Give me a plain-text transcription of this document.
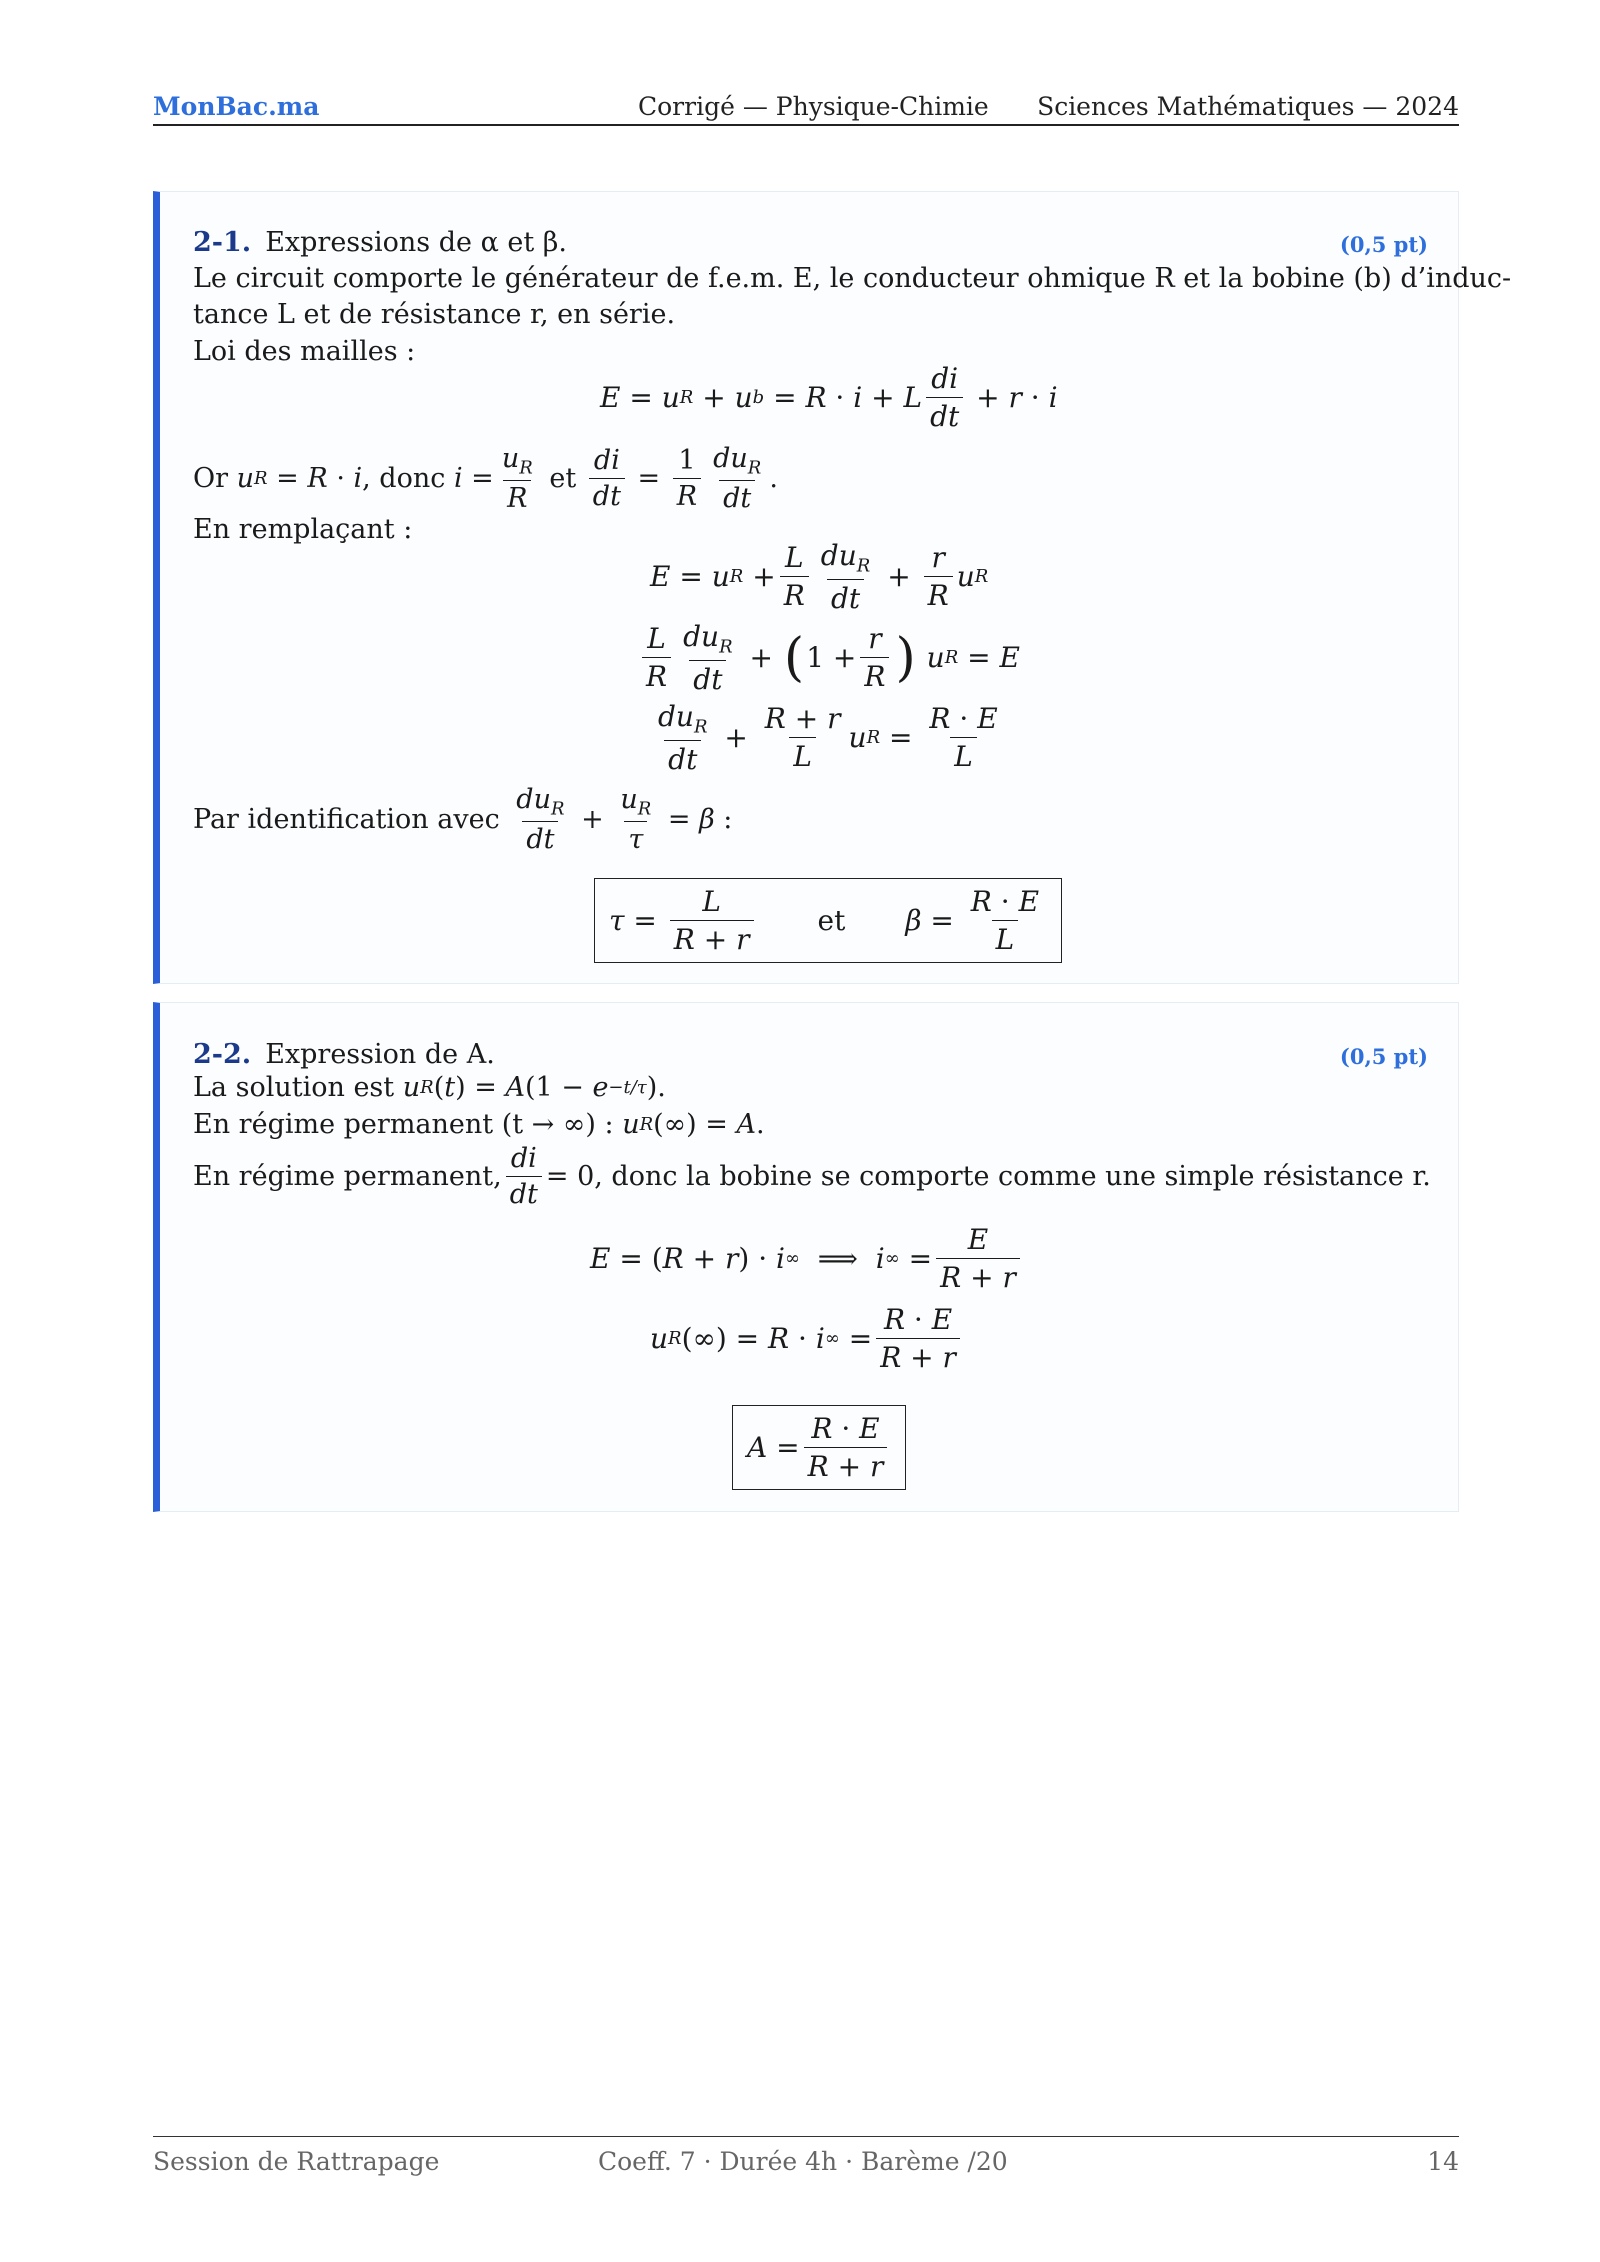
MonBac.ma	Corrigé — Physique-Chimie Sciences Mathématiques — 2024
2-1. Expressions de α et β.	(0,5 pt)
Le circuit comporte le générateur de f.e.m. E, le conducteur ohmique R et la bobine (b) d’induc-
tance L et de résistance r, en série.
Loi des mailles :
E = u R + u b = R · i + L $\frac{di}{dt} + r \cdot i$
Or
u R = R · i , donc
$i = \frac{u_R}{R}$
et
$\frac{di}{dt} = \frac{1}{R} \frac{du_R}{dt}$ .
En remplaçant :
E = u $R + \frac{L}{R} \frac{du_R}{dt} + \frac{r}{R}$ u R
$\frac{L}{R} \frac{du_R}{dt}$ + ( $1 + \frac{r}{R}$ )
u R = E
$\frac{du_R}{dt} + \frac{R + r}{L}$ u $R = \frac{R \cdot E}{L}$
Par identification avec
$\frac{du_R}{dt} + \frac{u_R}{\tau} = \beta$ :
$\tau = \frac{L}{R + r}$ et $\beta = \frac{R \cdot E}{L}$
2-2. Expression de A.	(0,5 pt)
La solution est
u R ( t ) = A (1 − e −t/τ ).
En régime permanent (t → ∞) :
u R (∞) = A .
En régime permanent, $\frac{di}{dt} = 0$, donc la bobine se comporte comme une simple résistance r.
E = ( R + r ) · i ∞ ⟹ i ∞ = $\frac{E}{R + r}$
u R (∞) = R · i ∞ = $\frac{R \cdot E}{R + r}$
$A = \frac{R \cdot E}{R + r}$
Session de Rattrapage	Coeff. 7 · Durée 4h · Barème /20	14
